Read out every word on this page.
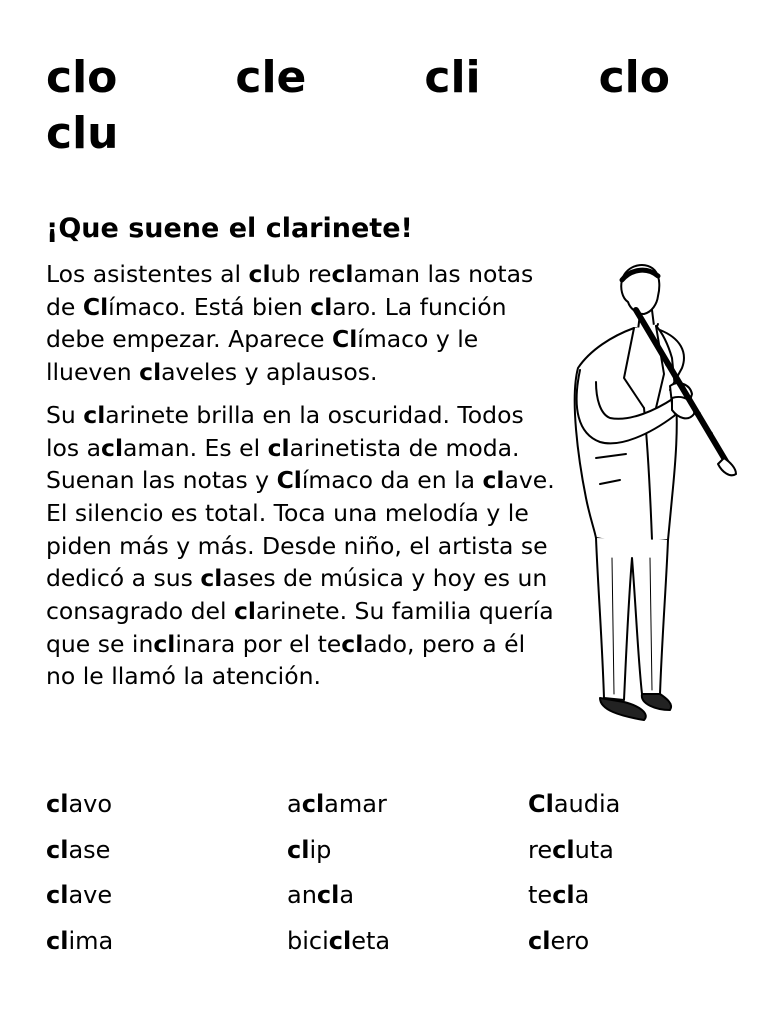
clo	cle	cli	clo
clu
¡Que suene el clarinete!

Los asistentes al club reclaman las notas de Clímaco. Está bien claro. La función debe empezar. Aparece Clímaco y le llueven claveles y aplausos.

Su clarinete brilla en la oscuridad. Todos los aclaman. Es el clarinetista de moda. Suenan las notas y Clímaco da en la clave. El silencio es total. Toca una melodía y le piden más y más. Desde niño, el artista se dedicó a sus clases de música y hoy es un consagrado del clarinete. Su familia quería que se inclinara por el teclado, pero a él no le llamó la atención.

clavo	aclamar	Claudia
clase	clip	recluta
clave	ancla	tecla
clima	bicicleta	clero
